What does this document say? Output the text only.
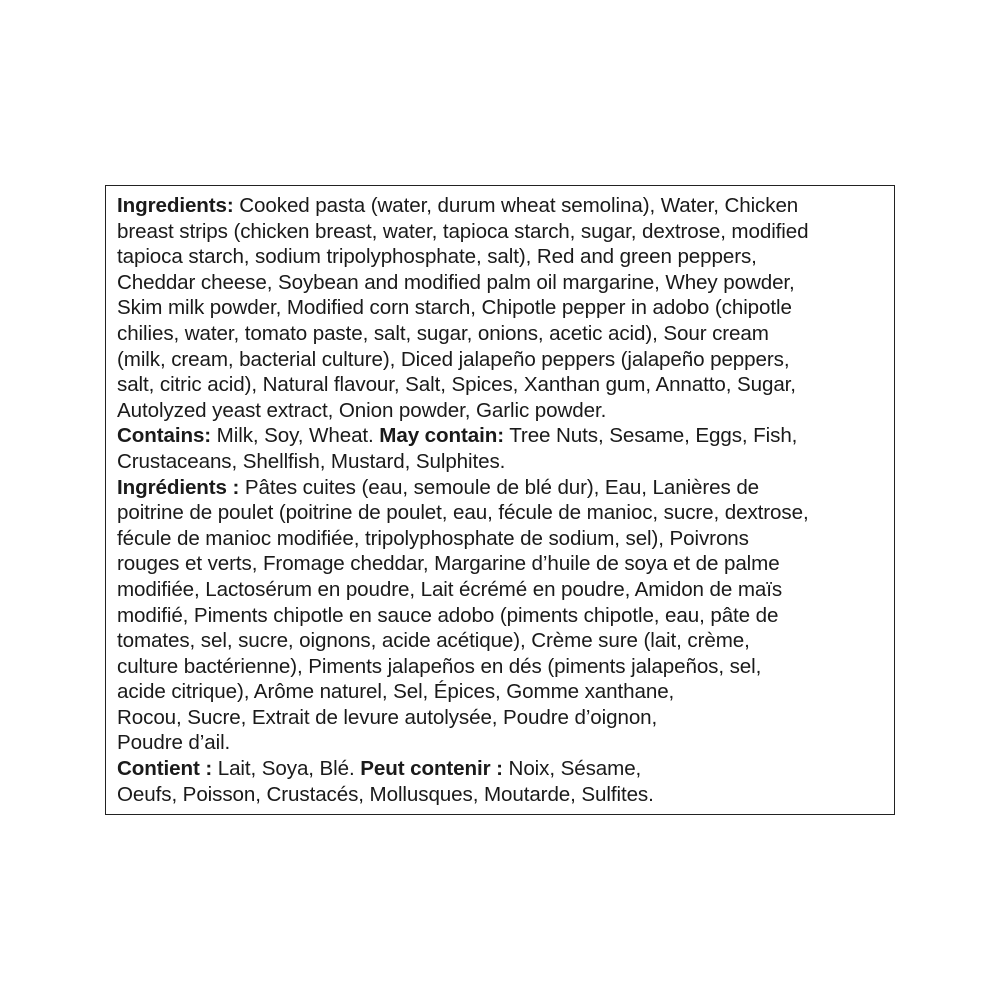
Ingredients: Cooked pasta (water, durum wheat semolina), Water, Chicken
breast strips (chicken breast, water, tapioca starch, sugar, dextrose, modified
tapioca starch, sodium tripolyphosphate, salt), Red and green peppers,
Cheddar cheese, Soybean and modified palm oil margarine, Whey powder,
Skim milk powder, Modified corn starch, Chipotle pepper in adobo (chipotle
chilies, water, tomato paste, salt, sugar, onions, acetic acid), Sour cream
(milk, cream, bacterial culture), Diced jalapeño peppers (jalapeño peppers,
salt, citric acid), Natural flavour, Salt, Spices, Xanthan gum, Annatto, Sugar,
Autolyzed yeast extract, Onion powder, Garlic powder.
Contains: Milk, Soy, Wheat. May contain: Tree Nuts, Sesame, Eggs, Fish,
Crustaceans, Shellfish, Mustard, Sulphites.
Ingrédients : Pâtes cuites (eau, semoule de blé dur), Eau, Lanières de
poitrine de poulet (poitrine de poulet, eau, fécule de manioc, sucre, dextrose,
fécule de manioc modifiée, tripolyphosphate de sodium, sel), Poivrons
rouges et verts, Fromage cheddar, Margarine d’huile de soya et de palme
modifiée, Lactosérum en poudre, Lait écrémé en poudre, Amidon de maïs
modifié, Piments chipotle en sauce adobo (piments chipotle, eau, pâte de
tomates, sel, sucre, oignons, acide acétique), Crème sure (lait, crème,
culture bactérienne), Piments jalapeños en dés (piments jalapeños, sel,
acide citrique), Arôme naturel, Sel, Épices, Gomme xanthane,
Rocou, Sucre, Extrait de levure autolysée, Poudre d’oignon,
Poudre d’ail.
Contient : Lait, Soya, Blé. Peut contenir : Noix, Sésame,
Oeufs, Poisson, Crustacés, Mollusques, Moutarde, Sulfites.
